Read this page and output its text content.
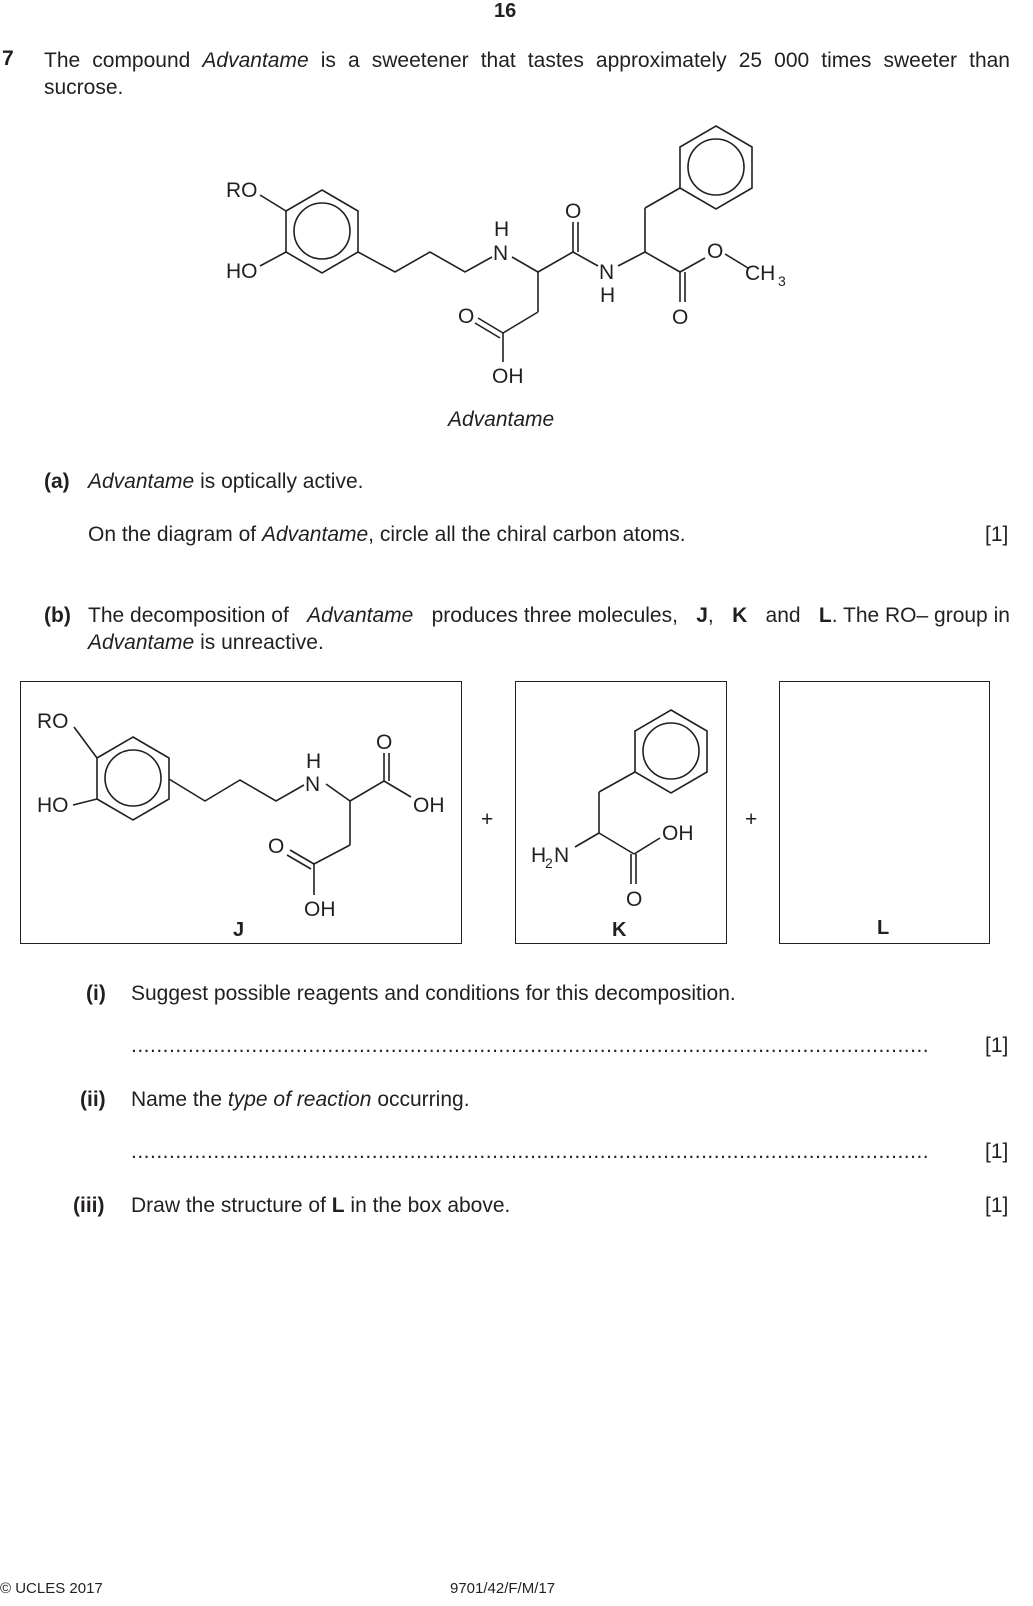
16
7 The compound Advantame is a sweetener that tastes approximately 25 000 times sweeter than sucrose.
RO
HO
H
N
O
N
H
O
CH 3
O
O
OH
Advantame
(a) Advantame is optically active.
On the diagram of Advantame, circle all the chiral carbon atoms.	[1]
(b) The decomposition of Advantame produces three molecules, J, K and L. The RO– group in
Advantame is unreactive.
RO
HO
H
N
O
OH
O
OH
J
+
H
2 N
OH
O
K
+
L
(i) Suggest possible reagents and conditions for this decomposition.
..............................................................................................................................	[1]
(ii) Name the type of reaction occurring.
..............................................................................................................................	[1]
(iii) Draw the structure of L in the box above.	[1]
© UCLES 2017	9701/42/F/M/17
